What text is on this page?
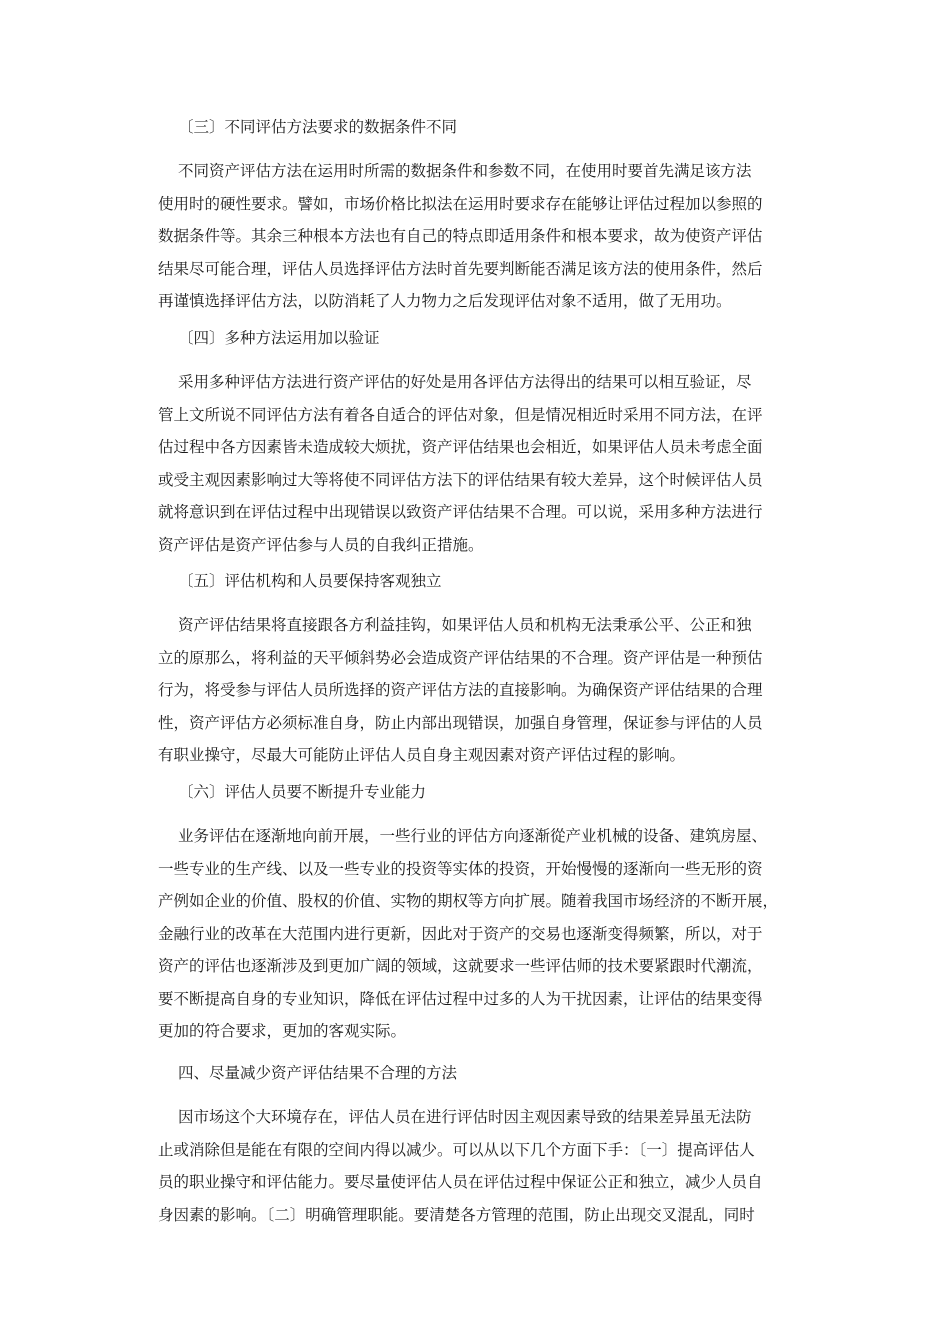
〔三〕不同评估方法要求的数据条件不同
不同资产评估方法在运用时所需的数据条件和参数不同，在使用时要首先满足该方法
使用时的硬性要求。譬如，市场价格比拟法在运用时要求存在能够让评估过程加以参照的
数据条件等。其余三种根本方法也有自己的特点即适用条件和根本要求，故为使资产评估
结果尽可能合理，评估人员选择评估方法时首先要判断能否满足该方法的使用条件，然后
再谨慎选择评估方法，以防消耗了人力物力之后发现评估对象不适用，做了无用功。
〔四〕多种方法运用加以验证
采用多种评估方法进行资产评估的好处是用各评估方法得出的结果可以相互验证，尽
管上文所说不同评估方法有着各自适合的评估对象，但是情况相近时采用不同方法，在评
估过程中各方因素皆未造成较大烦扰，资产评估结果也会相近，如果评估人员未考虑全面
或受主观因素影响过大等将使不同评估方法下的评估结果有较大差异，这个时候评估人员
就将意识到在评估过程中出现错误以致资产评估结果不合理。可以说，采用多种方法进行
资产评估是资产评估参与人员的自我纠正措施。
〔五〕评估机构和人员要保持客观独立
资产评估结果将直接跟各方利益挂钩，如果评估人员和机构无法秉承公平、公正和独
立的原那么，将利益的天平倾斜势必会造成资产评估结果的不合理。资产评估是一种预估
行为，将受参与评估人员所选择的资产评估方法的直接影响。为确保资产评估结果的合理
性，资产评估方必须标准自身，防止内部出现错误，加强自身管理，保证参与评估的人员
有职业操守，尽最大可能防止评估人员自身主观因素对资产评估过程的影响。
〔六〕评估人员要不断提升专业能力
业务评估在逐渐地向前开展，一些行业的评估方向逐渐從产业机械的设备、建筑房屋、
一些专业的生产线、以及一些专业的投资等实体的投资，开始慢慢的逐渐向一些无形的资
产例如企业的价值、股权的价值、实物的期权等方向扩展。随着我国市场经济的不断开展，
金融行业的改革在大范围内进行更新，因此对于资产的交易也逐渐变得频繁，所以，对于
资产的评估也逐渐涉及到更加广阔的领域，这就要求一些评估师的技术要紧跟时代潮流，
要不断提高自身的专业知识，降低在评估过程中过多的人为干扰因素，让评估的结果变得
更加的符合要求，更加的客观实际。
四、尽量减少资产评估结果不合理的方法
因市场这个大环境存在，评估人员在进行评估时因主观因素导致的结果差异虽无法防
止或消除但是能在有限的空间内得以减少。可以从以下几个方面下手：〔一〕提高评估人
员的职业操守和评估能力。要尽量使评估人员在评估过程中保证公正和独立，减少人员自
身因素的影响。〔二〕明确管理职能。要清楚各方管理的范围，防止出现交叉混乱，同时
